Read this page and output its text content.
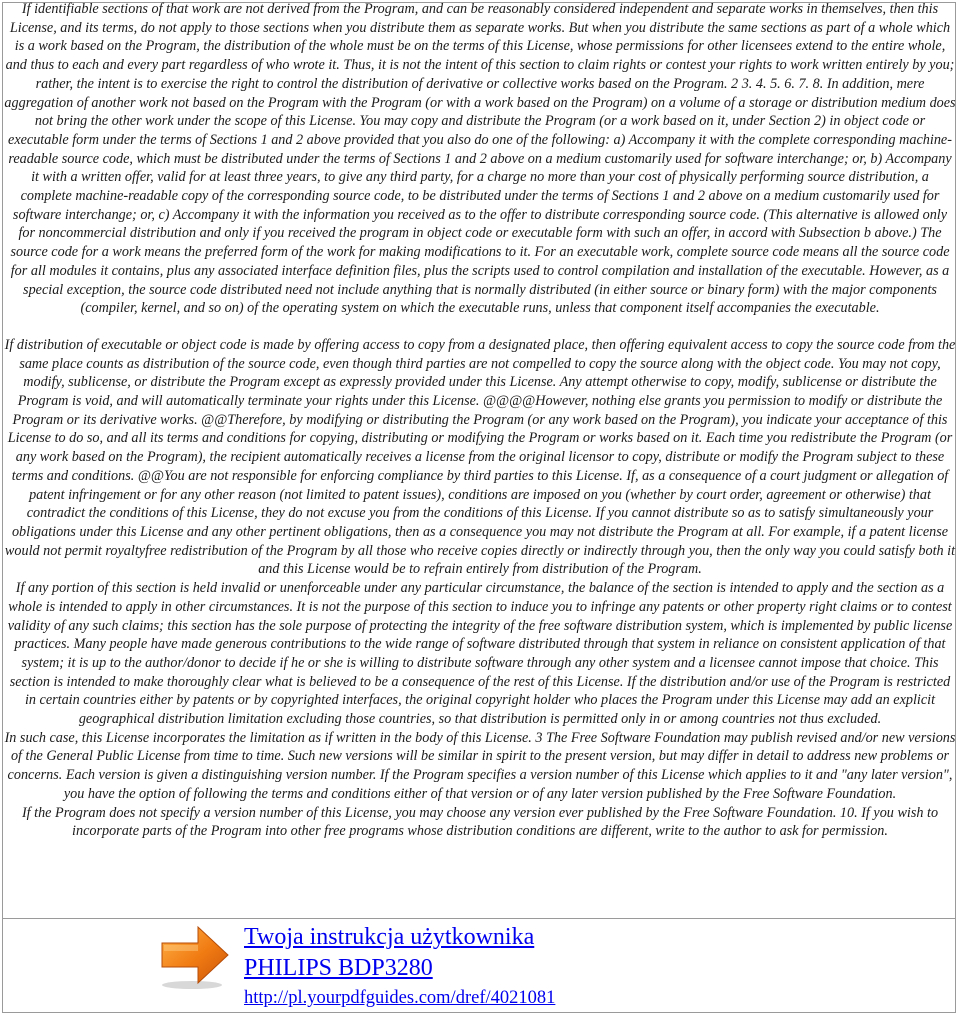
If identifiable sections of that work are not derived from the Program, and can be reasonably considered independent and separate works in themselves, then this License, and its terms, do not apply to those sections when you distribute them as separate works. But when you distribute the same sections as part of a whole which is a work based on the Program, the distribution of the whole must be on the terms of this License, whose permissions for other licensees extend to the entire whole, and thus to each and every part regardless of who wrote it. Thus, it is not the intent of this section to claim rights or contest your rights to work written entirely by you; rather, the intent is to exercise the right to control the distribution of derivative or collective works based on the Program. 2 3. 4. 5. 6. 7. 8. In addition, mere aggregation of another work not based on the Program with the Program (or with a work based on the Program) on a volume of a storage or distribution medium does not bring the other work under the scope of this License. You may copy and distribute the Program (or a work based on it, under Section 2) in object code or executable form under the terms of Sections 1 and 2 above provided that you also do one of the following: a) Accompany it with the complete corresponding machine-readable source code, which must be distributed under the terms of Sections 1 and 2 above on a medium customarily used for software interchange; or, b) Accompany it with a written offer, valid for at least three years, to give any third party, for a charge no more than your cost of physically performing source distribution, a complete machine-readable copy of the corresponding source code, to be distributed under the terms of Sections 1 and 2 above on a medium customarily used for software interchange; or, c) Accompany it with the information you received as to the offer to distribute corresponding source code. (This alternative is allowed only for noncommercial distribution and only if you received the program in object code or executable form with such an offer, in accord with Subsection b above.) The source code for a work means the preferred form of the work for making modifications to it. For an executable work, complete source code means all the source code for all modules it contains, plus any associated interface definition files, plus the scripts used to control compilation and installation of the executable. However, as a special exception, the source code distributed need not include anything that is normally distributed (in either source or binary form) with the major components (compiler, kernel, and so on) of the operating system on which the executable runs, unless that component itself accompanies the executable.

If distribution of executable or object code is made by offering access to copy from a designated place, then offering equivalent access to copy the source code from the same place counts as distribution of the source code, even though third parties are not compelled to copy the source along with the object code. You may not copy, modify, sublicense, or distribute the Program except as expressly provided under this License. Any attempt otherwise to copy, modify, sublicense or distribute the Program is void, and will automatically terminate your rights under this License. @@@@However, nothing else grants you permission to modify or distribute the Program or its derivative works. @@Therefore, by modifying or distributing the Program (or any work based on the Program), you indicate your acceptance of this License to do so, and all its terms and conditions for copying, distributing or modifying the Program or works based on it. Each time you redistribute the Program (or any work based on the Program), the recipient automatically receives a license from the original licensor to copy, distribute or modify the Program subject to these terms and conditions. @@You are not responsible for enforcing compliance by third parties to this License. If, as a consequence of a court judgment or allegation of patent infringement or for any other reason (not limited to patent issues), conditions are imposed on you (whether by court order, agreement or otherwise) that contradict the conditions of this License, they do not excuse you from the conditions of this License. If you cannot distribute so as to satisfy simultaneously your obligations under this License and any other pertinent obligations, then as a consequence you may not distribute the Program at all. For example, if a patent license would not permit royaltyfree redistribution of the Program by all those who receive copies directly or indirectly through you, then the only way you could satisfy both it and this License would be to refrain entirely from distribution of the Program.

If any portion of this section is held invalid or unenforceable under any particular circumstance, the balance of the section is intended to apply and the section as a whole is intended to apply in other circumstances. It is not the purpose of this section to induce you to infringe any patents or other property right claims or to contest validity of any such claims; this section has the sole purpose of protecting the integrity of the free software distribution system, which is implemented by public license practices. Many people have made generous contributions to the wide range of software distributed through that system in reliance on consistent application of that system; it is up to the author/donor to decide if he or she is willing to distribute software through any other system and a licensee cannot impose that choice. This section is intended to make thoroughly clear what is believed to be a consequence of the rest of this License. If the distribution and/or use of the Program is restricted in certain countries either by patents or by copyrighted interfaces, the original copyright holder who places the Program under this License may add an explicit geographical distribution limitation excluding those countries, so that distribution is permitted only in or among countries not thus excluded.

In such case, this License incorporates the limitation as if written in the body of this License. 3 The Free Software Foundation may publish revised and/or new versions of the General Public License from time to time. Such new versions will be similar in spirit to the present version, but may differ in detail to address new problems or concerns. Each version is given a distinguishing version number. If the Program specifies a version number of this License which applies to it and "any later version", you have the option of following the terms and conditions either of that version or of any later version published by the Free Software Foundation.

If the Program does not specify a version number of this License, you may choose any version ever published by the Free Software Foundation. 10. If you wish to incorporate parts of the Program into other free programs whose distribution conditions are different, write to the author to ask for permission.

Twoja instrukcja użytkownika
PHILIPS BDP3280
http://pl.yourpdfguides.com/dref/4021081
